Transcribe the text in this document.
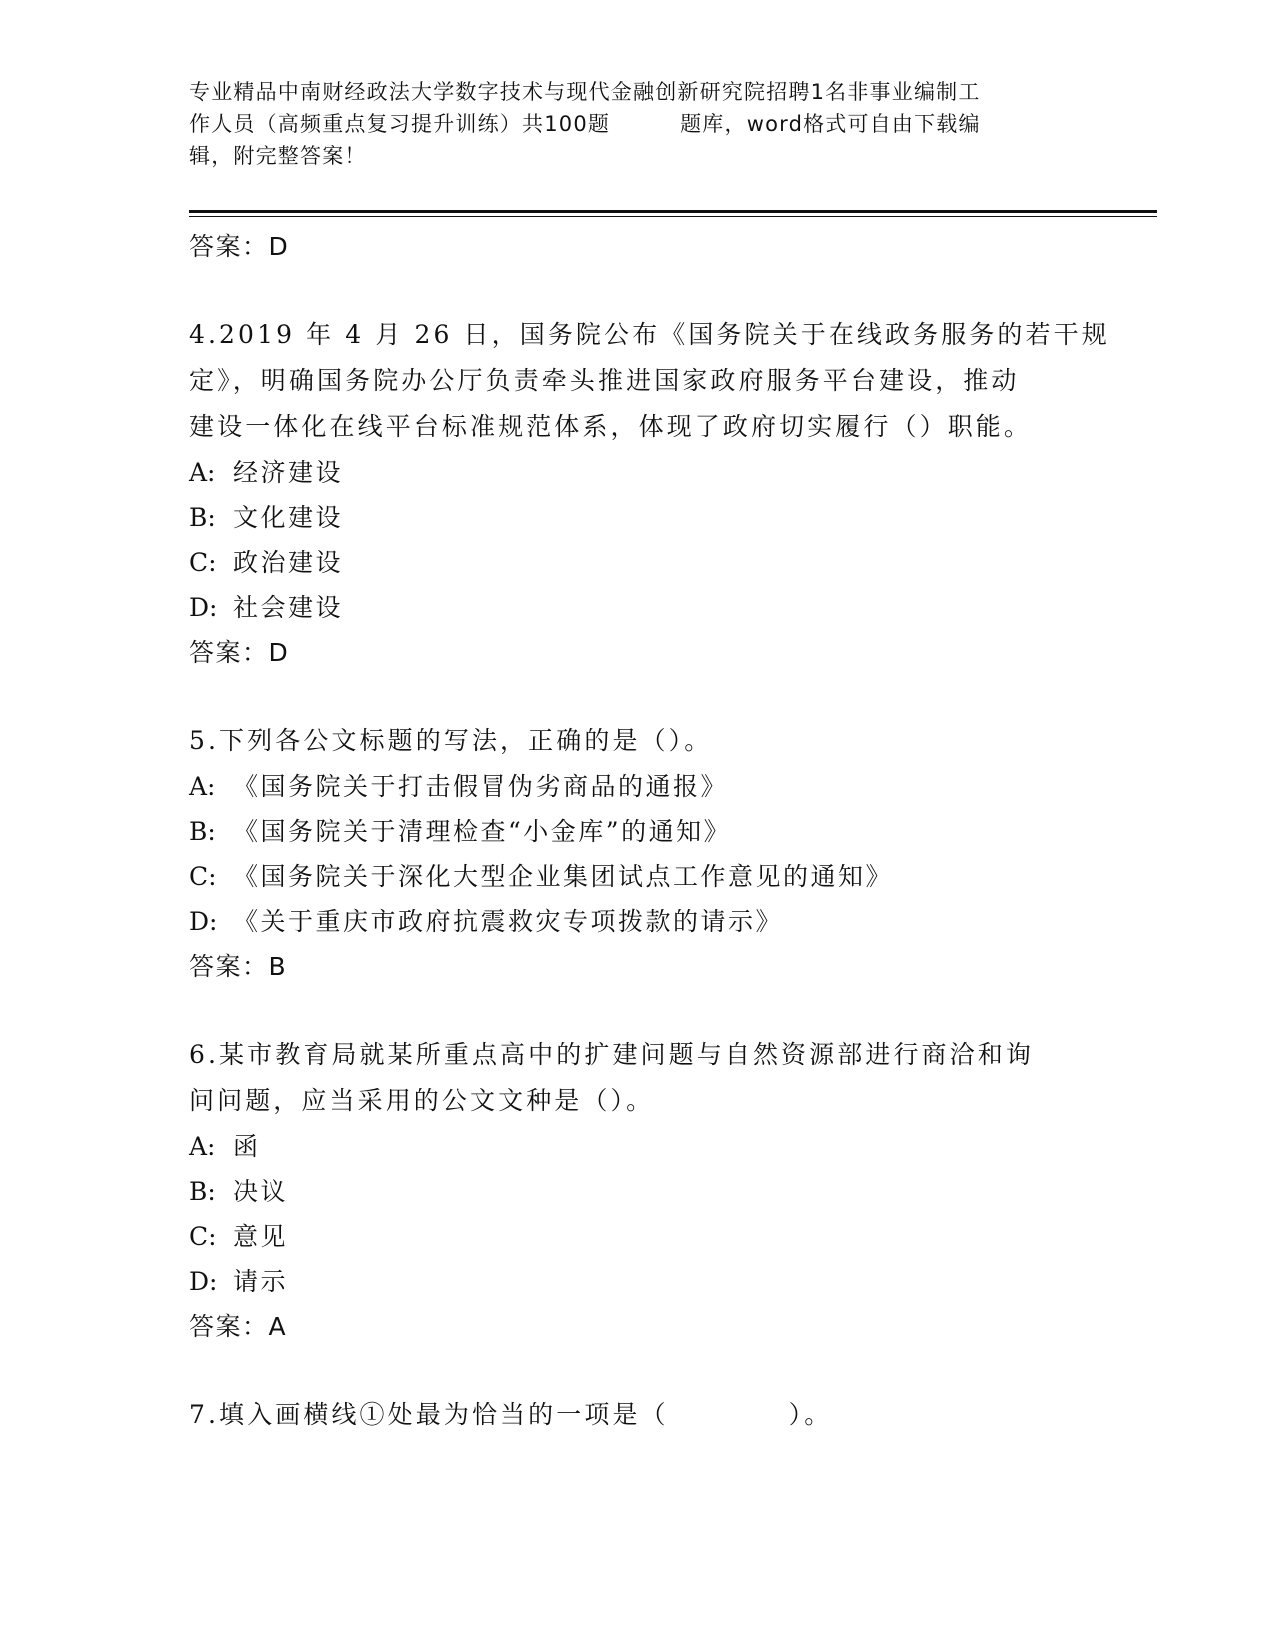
专业精品中南财经政法大学数字技术与现代金融创新研究院招聘1名非事业编制工
作人员（高频重点复习提升训练）共100题	题库，word格式可自由下载编
辑，附完整答案！
答案：D
4.2019 年 4 月 26 日，国务院公布《国务院关于在线政务服务的若干规
定》，明确国务院办公厅负责牵头推进国家政府服务平台建设，推动
建设一体化在线平台标准规范体系，体现了政府切实履行（）职能。
A: 经济建设
B: 文化建设
C: 政治建设
D: 社会建设
答案：D
5.下列各公文标题的写法，正确的是（）。
A: 《国务院关于打击假冒伪劣商品的通报》
B: 《国务院关于清理检查“小金库”的通知》
C: 《国务院关于深化大型企业集团试点工作意见的通知》
D: 《关于重庆市政府抗震救灾专项拨款的请示》
答案：B
6.某市教育局就某所重点高中的扩建问题与自然资源部进行商洽和询
问问题，应当采用的公文文种是（）。
A: 函
B: 决议
C: 意见
D: 请示
答案：A
7.填入画横线①处最为恰当的一项是（	）。
